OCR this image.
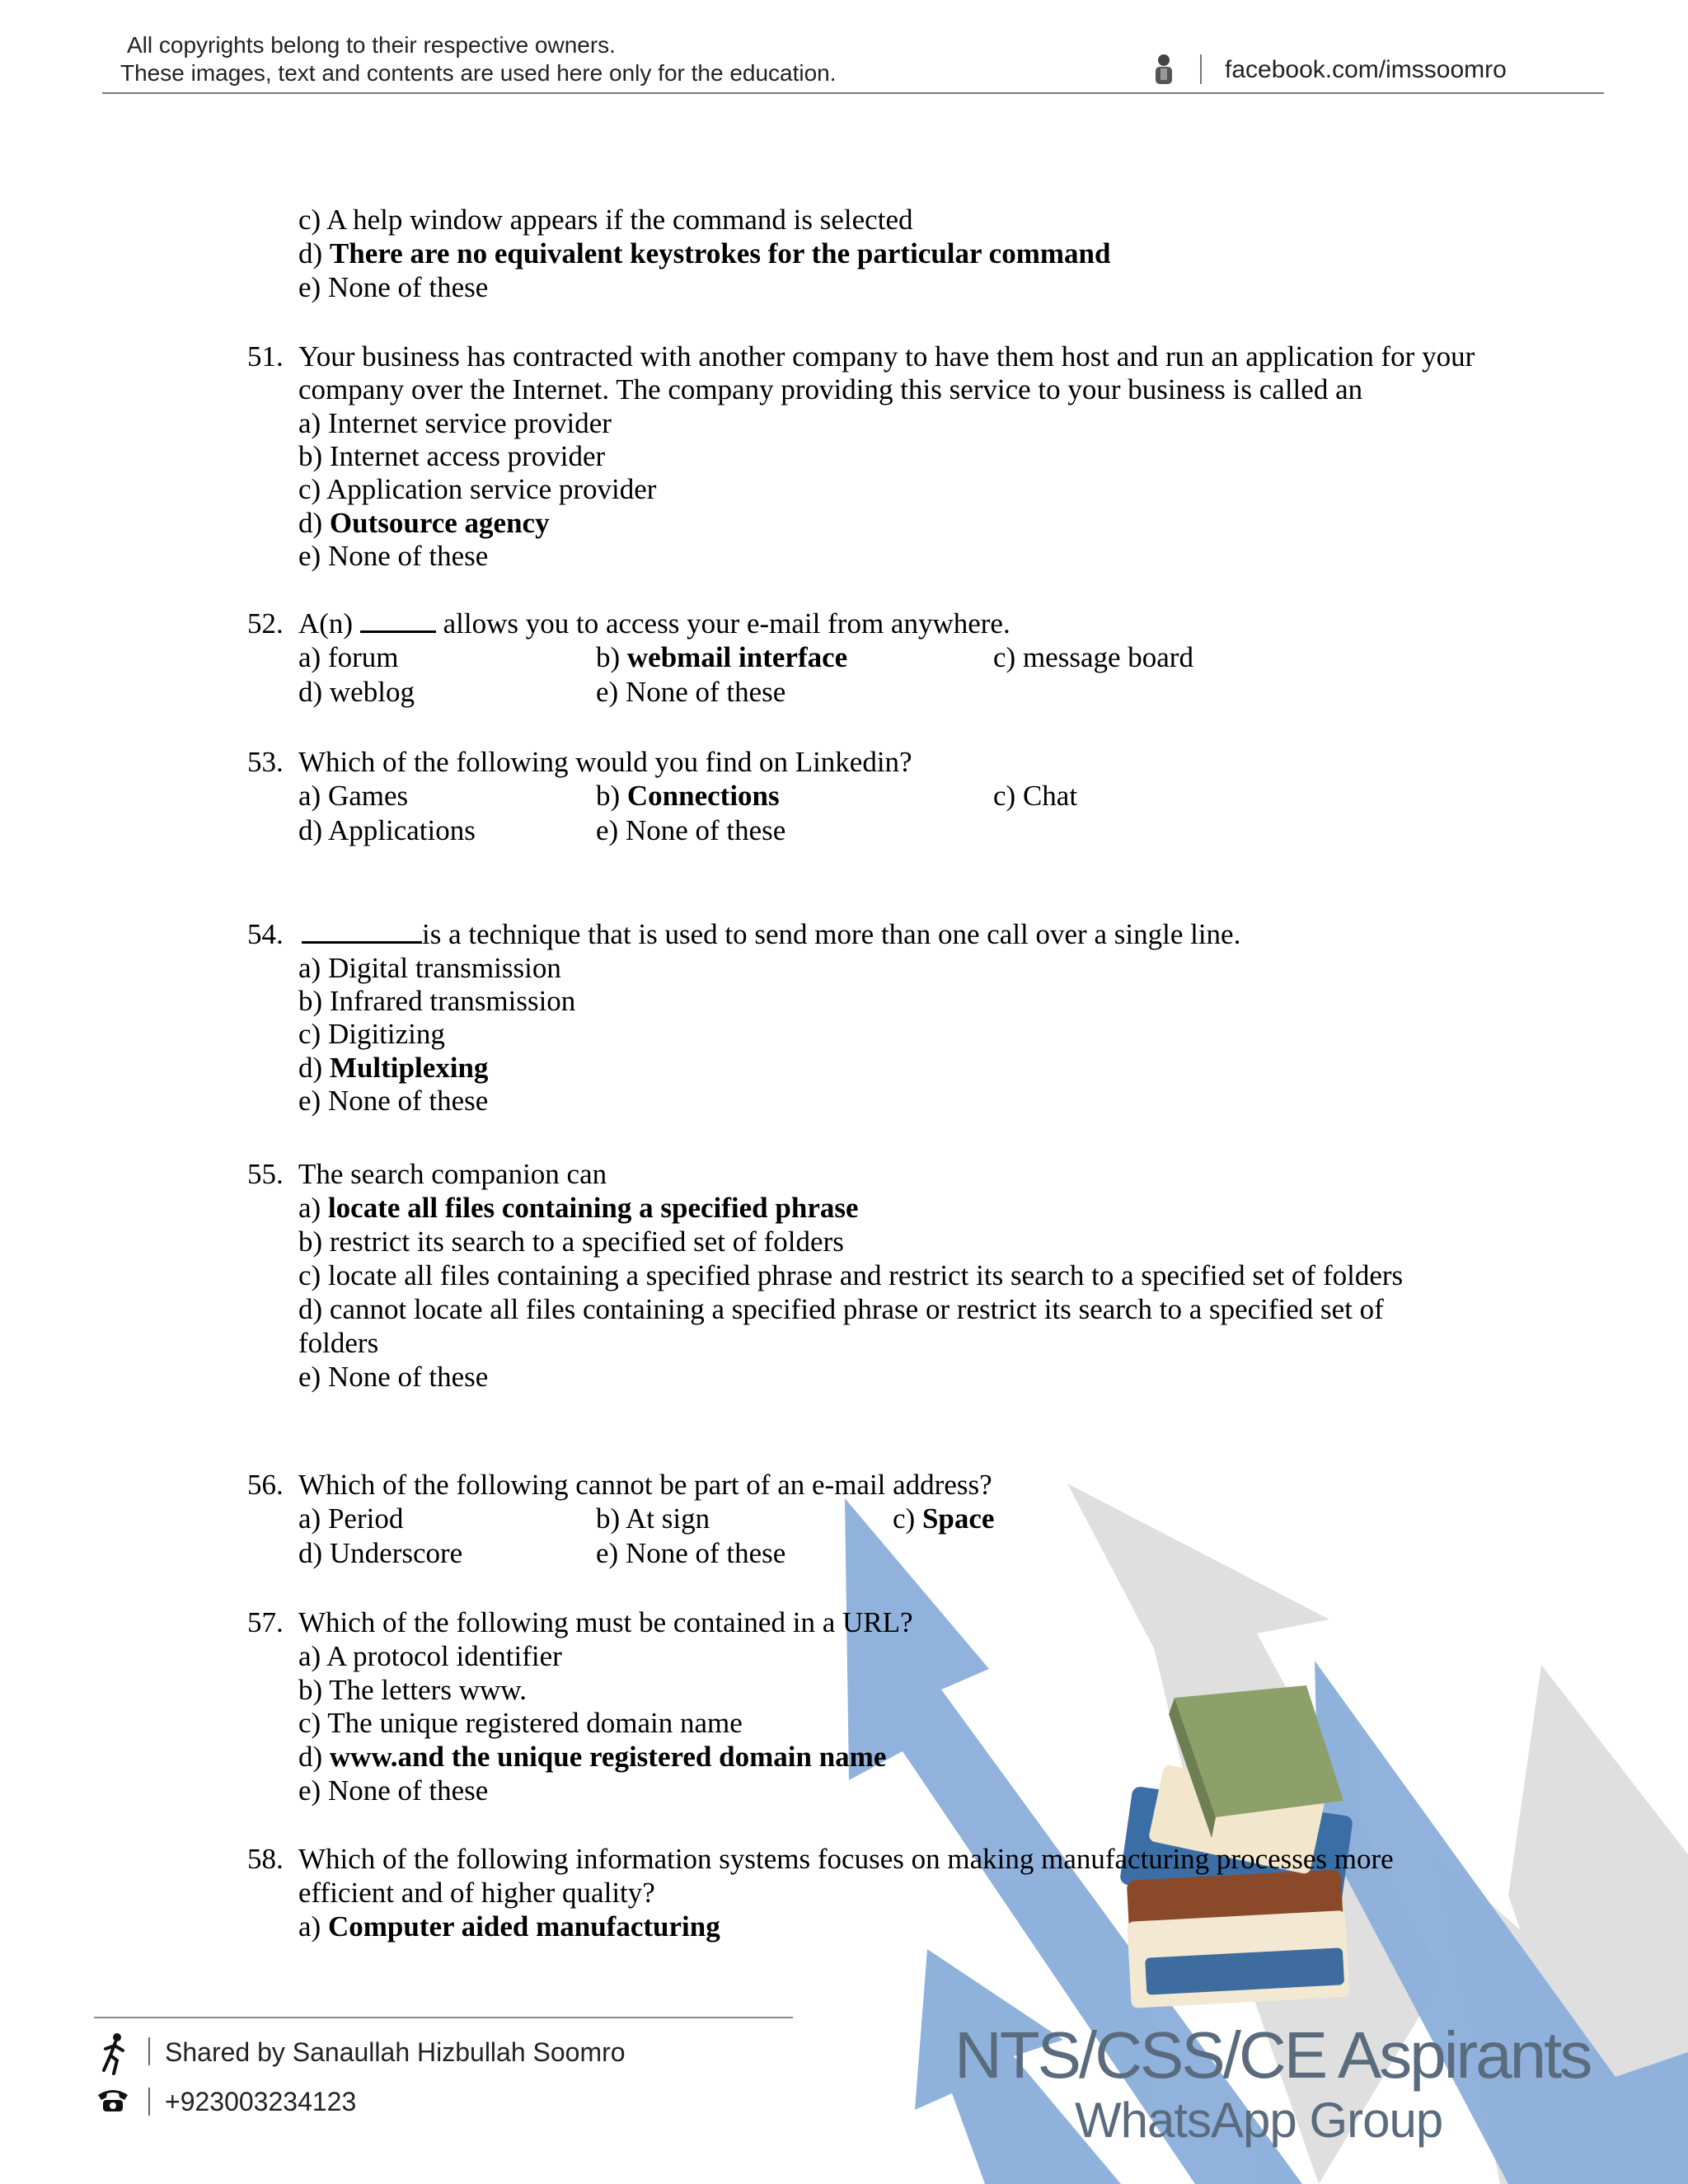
All copyrights belong to their respective owners.
These images, text and contents are used here only for the education.	facebook.com/imssoomro
c) A help window appears if the command is selected
d) There are no equivalent keystrokes for the particular command
e) None of these
51. Your business has contracted with another company to have them host and run an application for your company over the Internet. The company providing this service to your business is called an
a) Internet service provider
b) Internet access provider
c) Application service provider
d) Outsource agency
e) None of these
52. A(n)	allows you to access your e-mail from anywhere.
a) forum	b) webmail interface	c) message board
d) weblog	e) None of these
53. Which of the following would you find on Linkedin?
a) Games	b) Connections	c) Chat
d) Applications	e) None of these
54.	is a technique that is used to send more than one call over a single line.
a) Digital transmission
b) Infrared transmission
c) Digitizing
d) Multiplexing
e) None of these
55. The search companion can
a) locate all files containing a specified phrase
b) restrict its search to a specified set of folders
c) locate all files containing a specified phrase and restrict its search to a specified set of folders
d) cannot locate all files containing a specified phrase or restrict its search to a specified set of
folders
e) None of these
56. Which of the following cannot be part of an e-mail address?
a) Period	b) At sign	c) Space
d) Underscore	e) None of these
57. Which of the following must be contained in a URL?
a) A protocol identifier
b) The letters www.
c) The unique registered domain name
d) www.and the unique registered domain name
e) None of these
58. Which of the following information systems focuses on making manufacturing processes more
efficient and of higher quality?
a) Computer aided manufacturing
Shared by Sanaullah Hizbullah Soomro
+923003234123
NTS/CSS/CE Aspirants
WhatsApp Group
